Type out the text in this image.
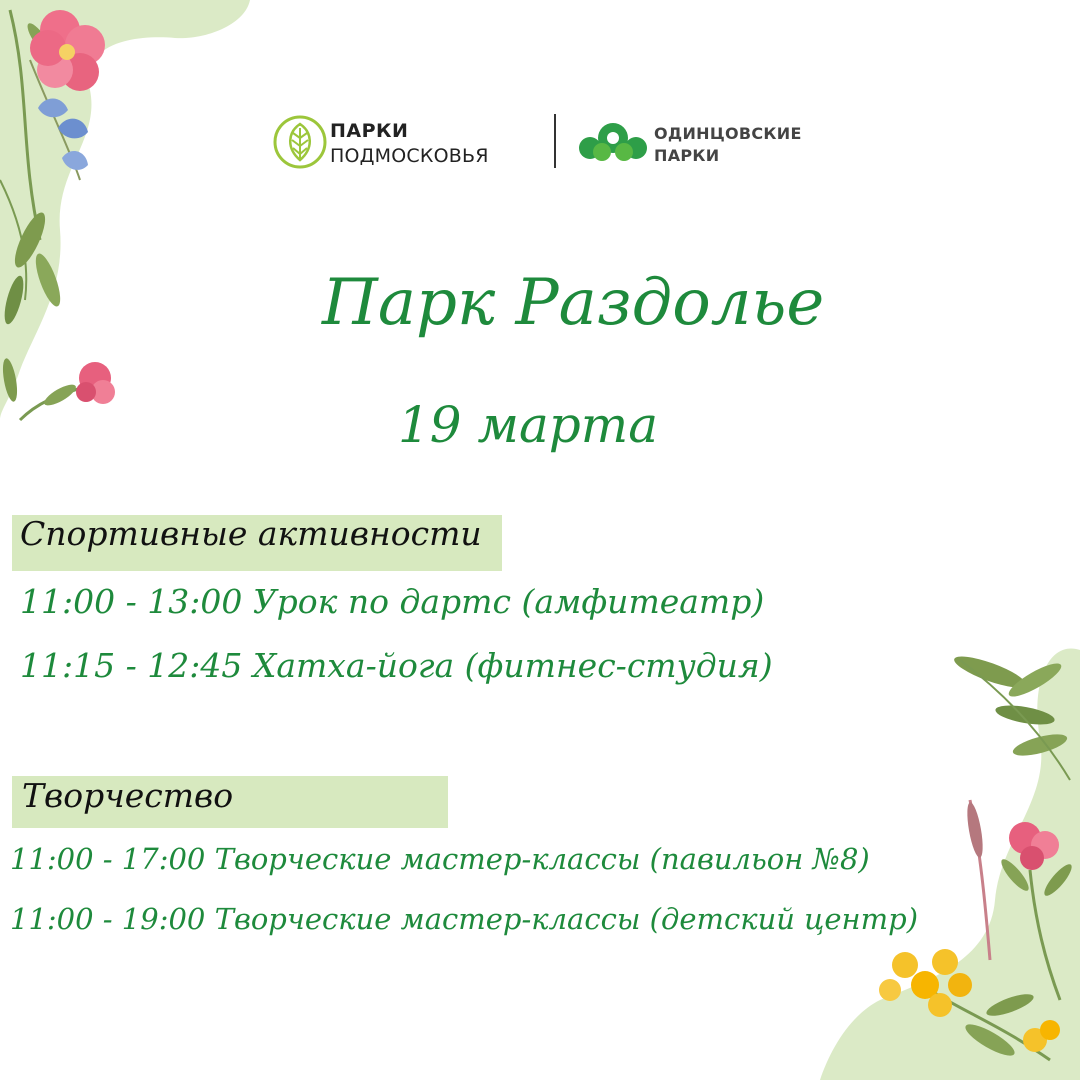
ПАРКИ
ПОДМОСКОВЬЯ
ОДИНЦОВСКИЕ
ПАРКИ
Парк Раздолье
19 марта
Спортивные активности
11:00 - 13:00 Урок по дартс (амфитеатр)
11:15 - 12:45 Хатха-йога (фитнес-студия)
Творчество
11:00 - 17:00 Творческие мастер-классы (павильон №8)
11:00 - 19:00 Творческие мастер-классы (детский центр)
